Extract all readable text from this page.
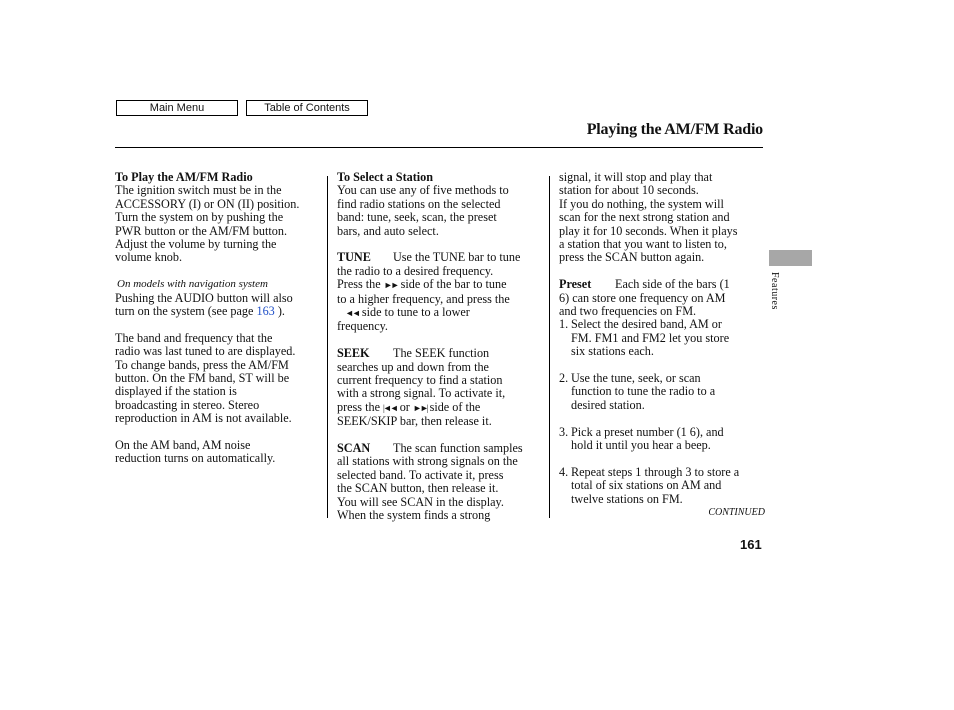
Main Menu	Table of Contents
Playing the AM/FM Radio

To Play the AM/FM Radio

The ignition switch must be in the

ACCESSORY (I) or ON (II) position.

Turn the system on by pushing the

PWR button or the AM/FM button.

Adjust the volume by turning the

volume knob.

On models with navigation system

Pushing the AUDIO button will also

turn on the system (see page 163 ).

The band and frequency that the

radio was last tuned to are displayed.

To change bands, press the AM/FM

button. On the FM band, ST will be

displayed if the station is

broadcasting in stereo. Stereo

reproduction in AM is not available.

On the AM band, AM noise

reduction turns on automatically.

To Select a Station

You can use any of five methods to

find radio stations on the selected

band: tune, seek, scan, the preset

bars, and auto select.

TUNE Use the TUNE bar to tune

the radio to a desired frequency.

Press the ►► side of the bar to tune

to a higher frequency, and press the

◄◄ side to tune to a lower

frequency.

SEEK The SEEK function

searches up and down from the

current frequency to find a station

with a strong signal. To activate it,

press the |◄◄ or ►►| side of the

SEEK/SKIP bar, then release it.

SCAN The scan function samples

all stations with strong signals on the

selected band. To activate it, press

the SCAN button, then release it.

You will see SCAN in the display.

When the system finds a strong

signal, it will stop and play that

station for about 10 seconds.

If you do nothing, the system will

scan for the next strong station and

play it for 10 seconds. When it plays

a station that you want to listen to,

press the SCAN button again.

Preset Each side of the bars (1

6) can store one frequency on AM

and two frequencies on FM.

1. Select the desired band, AM or

FM. FM1 and FM2 let you store

six stations each.

2. Use the tune, seek, or scan

function to tune the radio to a

desired station.

3. Pick a preset number (1 6), and

hold it until you hear a beep.

4. Repeat steps 1 through 3 to store a

total of six stations on AM and

twelve stations on FM.

CONTINUED

Features
161
